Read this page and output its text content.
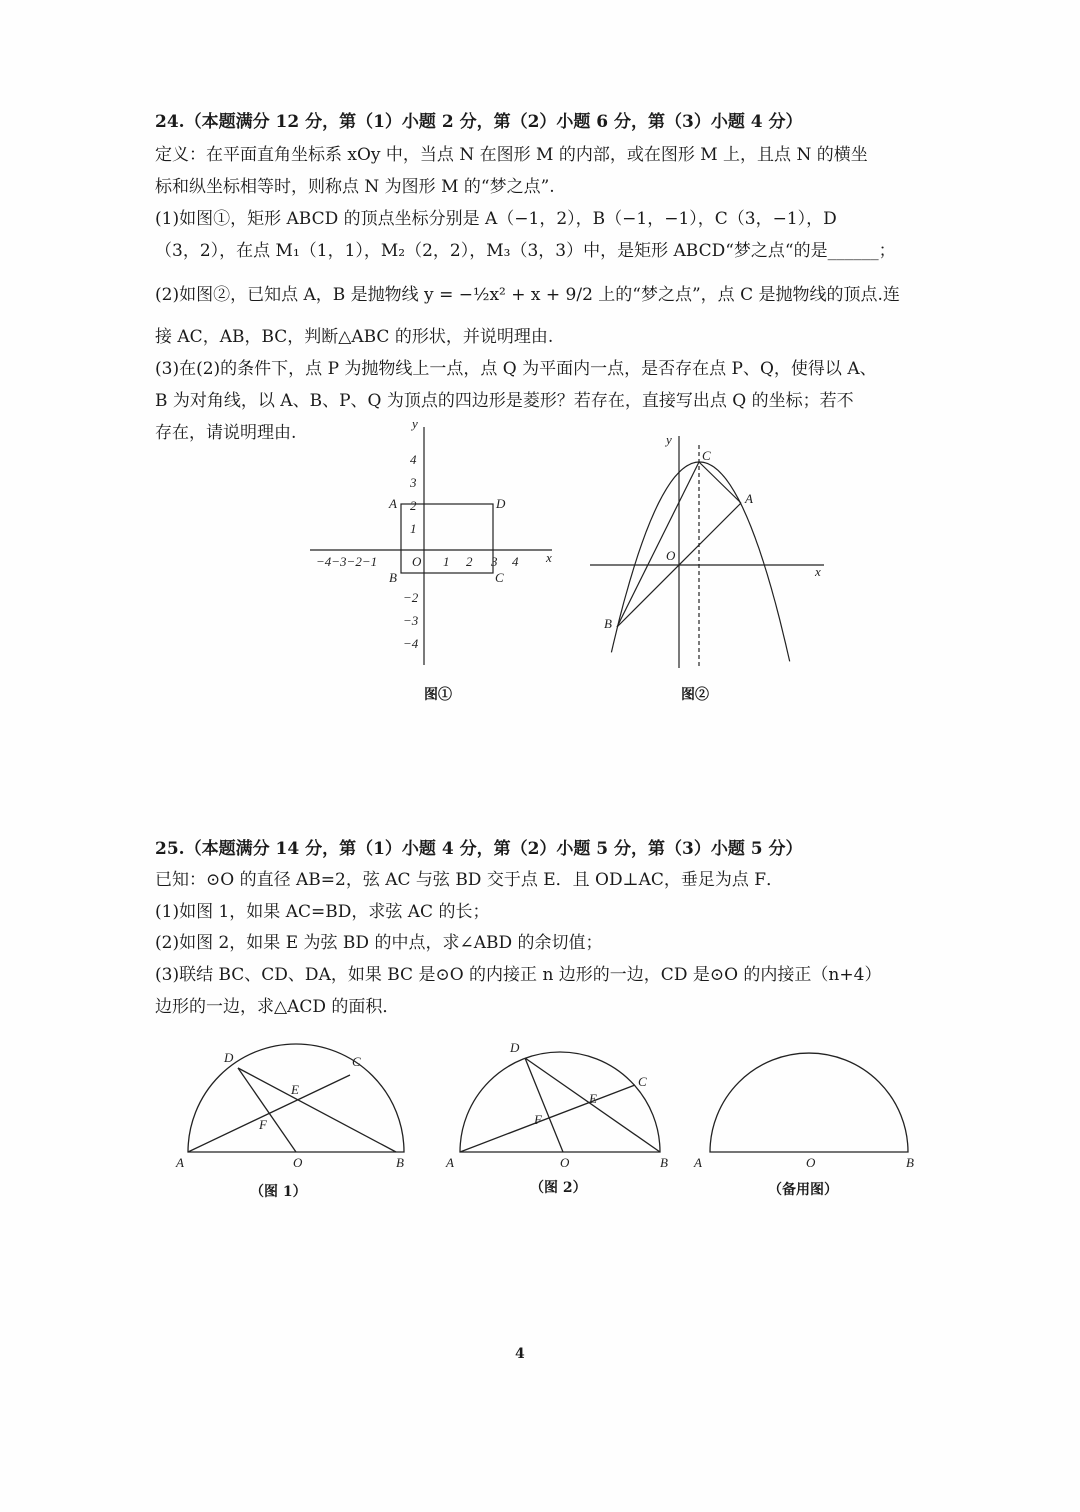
24.（本题满分 12 分，第（1）小题 2 分，第（2）小题 6 分，第（3）小题 4 分）
定义：在平面直角坐标系 xOy 中，当点 N 在图形 M 的内部，或在图形 M 上，且点 N 的横坐
标和纵坐标相等时，则称点 N 为图形 M 的“梦之点”.
(1)如图①，矩形 ABCD 的顶点坐标分别是 A（−1，2），B（−1，−1），C（3，−1），D
（3，2），在点 M₁（1，1），M₂（2，2），M₃（3，3）中，是矩形 ABCD“梦之点“的是______；
(2)如图②，已知点 A，B 是抛物线 y = −½x² + x + 9/2 上的“梦之点”，点 C 是抛物线的顶点.连
接 AC，AB，BC，判断△ABC 的形状，并说明理由.
(3)在(2)的条件下，点 P 为抛物线上一点，点 Q 为平面内一点，是否存在点 P、Q，使得以 A、
B 为对角线，以 A、B、P、Q 为顶点的四边形是菱形？若存在，直接写出点 Q 的坐标；若不
存在，请说明理由.
x
y
4
3
2
1
−2
−3
−4
−4−3−2−1	O 1 2 3 4
A	D
B	C	x
y
O
C
A
B
A	O	B
D	C
E
F
A	O	B
D
C
E
F
A	O	B
图①	图②
25.（本题满分 14 分，第（1）小题 4 分，第（2）小题 5 分，第（3）小题 5 分）
已知：⊙O 的直径 AB=2，弦 AC 与弦 BD 交于点 E．且 OD⊥AC，垂足为点 F．
(1)如图 1，如果 AC=BD，求弦 AC 的长；
(2)如图 2，如果 E 为弦 BD 的中点，求∠ABD 的余切值；
(3)联结 BC、CD、DA，如果 BC 是⊙O 的内接正 n 边形的一边，CD 是⊙O 的内接正（n+4）
边形的一边，求△ACD 的面积．
（图 1）	（图 2）	（备用图）
4
